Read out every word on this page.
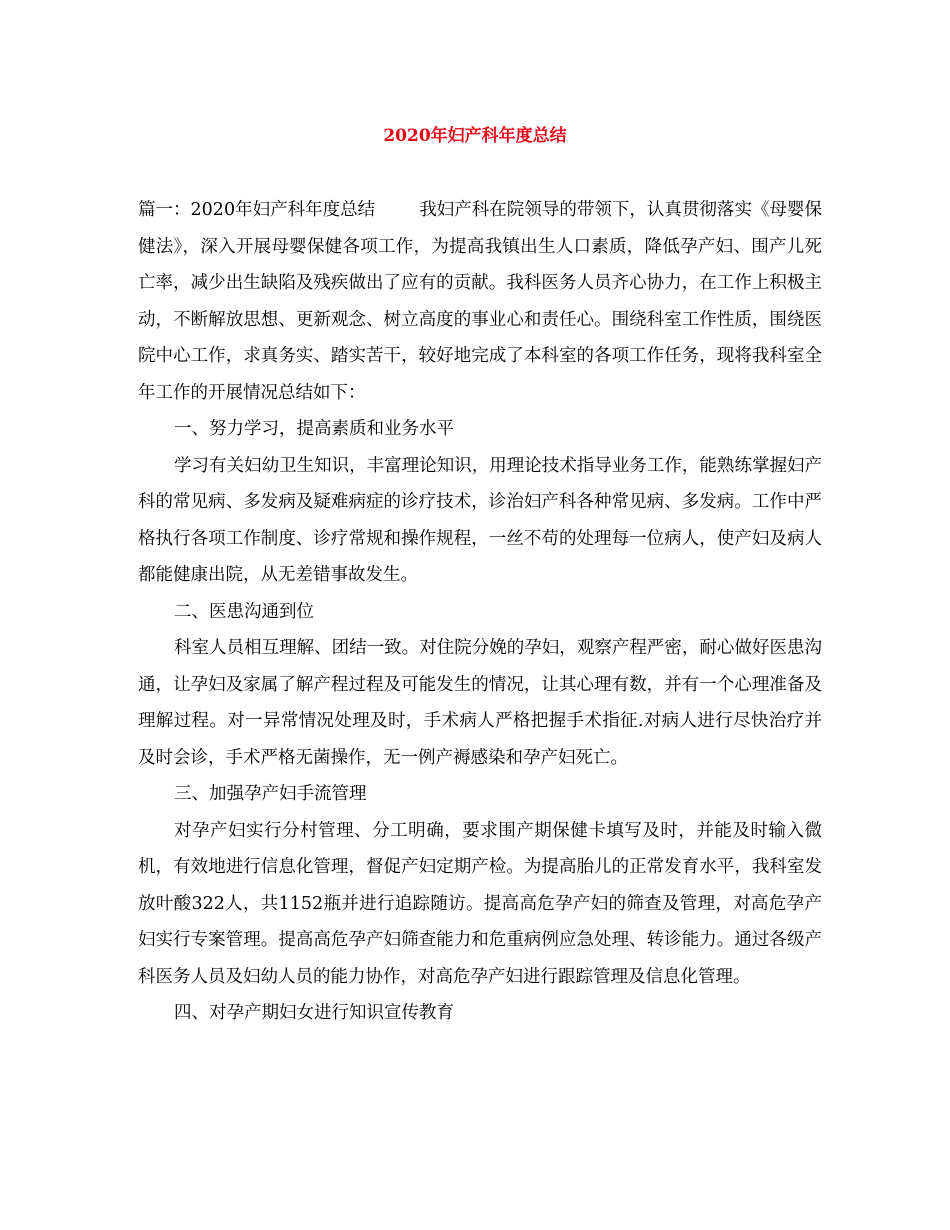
2020年妇产科年度总结

篇一：2020年妇产科年度总结	我妇产科在院领导的带领下，认真贯彻落实《母婴保健法》，深入开展母婴保健各项工作，为提高我镇出生人口素质，降低孕产妇、围产儿死亡率，减少出生缺陷及残疾做出了应有的贡献。我科医务人员齐心协力，在工作上积极主动，不断解放思想、更新观念、树立高度的事业心和责任心。围绕科室工作性质，围绕医院中心工作，求真务实、踏实苦干，较好地完成了本科室的各项工作任务，现将我科室全年工作的开展情况总结如下：

一、努力学习，提高素质和业务水平

学习有关妇幼卫生知识，丰富理论知识，用理论技术指导业务工作，能熟练掌握妇产科的常见病、多发病及疑难病症的诊疗技术，诊治妇产科各种常见病、多发病。工作中严格执行各项工作制度、诊疗常规和操作规程，一丝不苟的处理每一位病人，使产妇及病人都能健康出院，从无差错事故发生。

二、医患沟通到位

科室人员相互理解、团结一致。对住院分娩的孕妇，观察产程严密，耐心做好医患沟通，让孕妇及家属了解产程过程及可能发生的情况，让其心理有数，并有一个心理准备及理解过程。对一异常情况处理及时，手术病人严格把握手术指征.对病人进行尽快治疗并及时会诊，手术严格无菌操作，无一例产褥感染和孕产妇死亡。

三、加强孕产妇手流管理

对孕产妇实行分村管理、分工明确，要求围产期保健卡填写及时，并能及时输入微机，有效地进行信息化管理，督促产妇定期产检。为提高胎儿的正常发育水平，我科室发放叶酸322人，共1152瓶并进行追踪随访。提高高危孕产妇的筛查及管理，对高危孕产妇实行专案管理。提高高危孕产妇筛查能力和危重病例应急处理、转诊能力。通过各级产科医务人员及妇幼人员的能力协作，对高危孕产妇进行跟踪管理及信息化管理。

四、对孕产期妇女进行知识宣传教育
